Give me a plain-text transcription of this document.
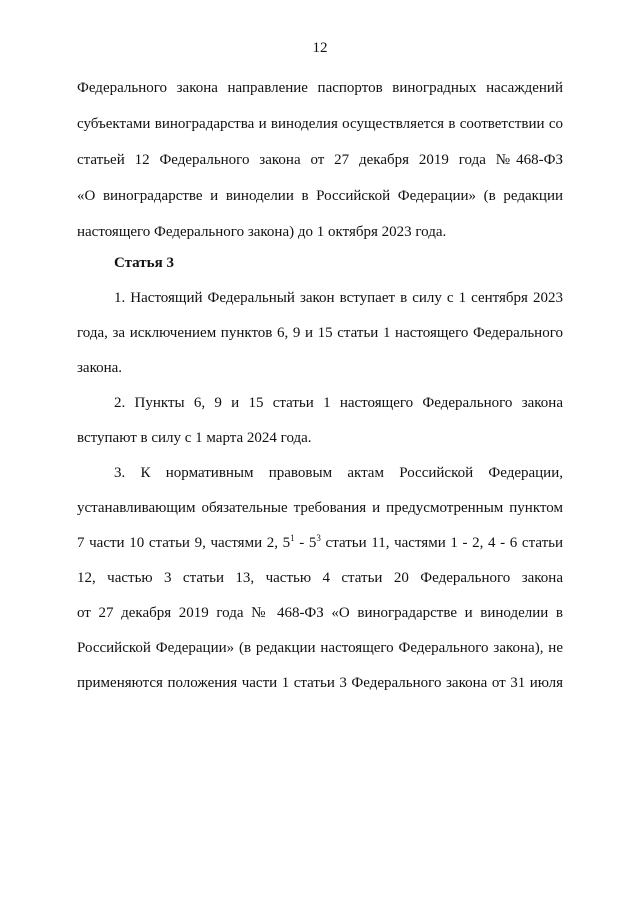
12
Федерального закона направление паспортов виноградных насаждений
субъектами виноградарства и виноделия осуществляется в соответствии со
статьей 12 Федерального закона от 27 декабря 2019 года №468-ФЗ
«О виноградарстве и виноделии в Российской Федерации» (в редакции
настоящего Федерального закона) до 1 октября 2023 года.
Статья 3
1. Настоящий Федеральный закон вступает в силу с 1 сентября 2023
года, за исключением пунктов 6, 9 и 15 статьи 1 настоящего Федерального
закона.
2. Пункты 6, 9 и 15 статьи 1 настоящего Федерального закона
вступают в силу с 1 марта 2024 года.
3. К нормативным правовым актам Российской Федерации,
устанавливающим обязательные требования и предусмотренным пунктом
7 части 10 статьи 9, частями 2, $5^1 - 5^3$ статьи 11, частями 1 - 2, 4 - 6 статьи
12, частью 3 статьи 13, частью 4 статьи 20 Федерального закона
от 27 декабря 2019 года № 468-ФЗ «О виноградарстве и виноделии в
Российской Федерации» (в редакции настоящего Федерального закона), не
применяются положения части 1 статьи 3 Федерального закона от 31 июля
